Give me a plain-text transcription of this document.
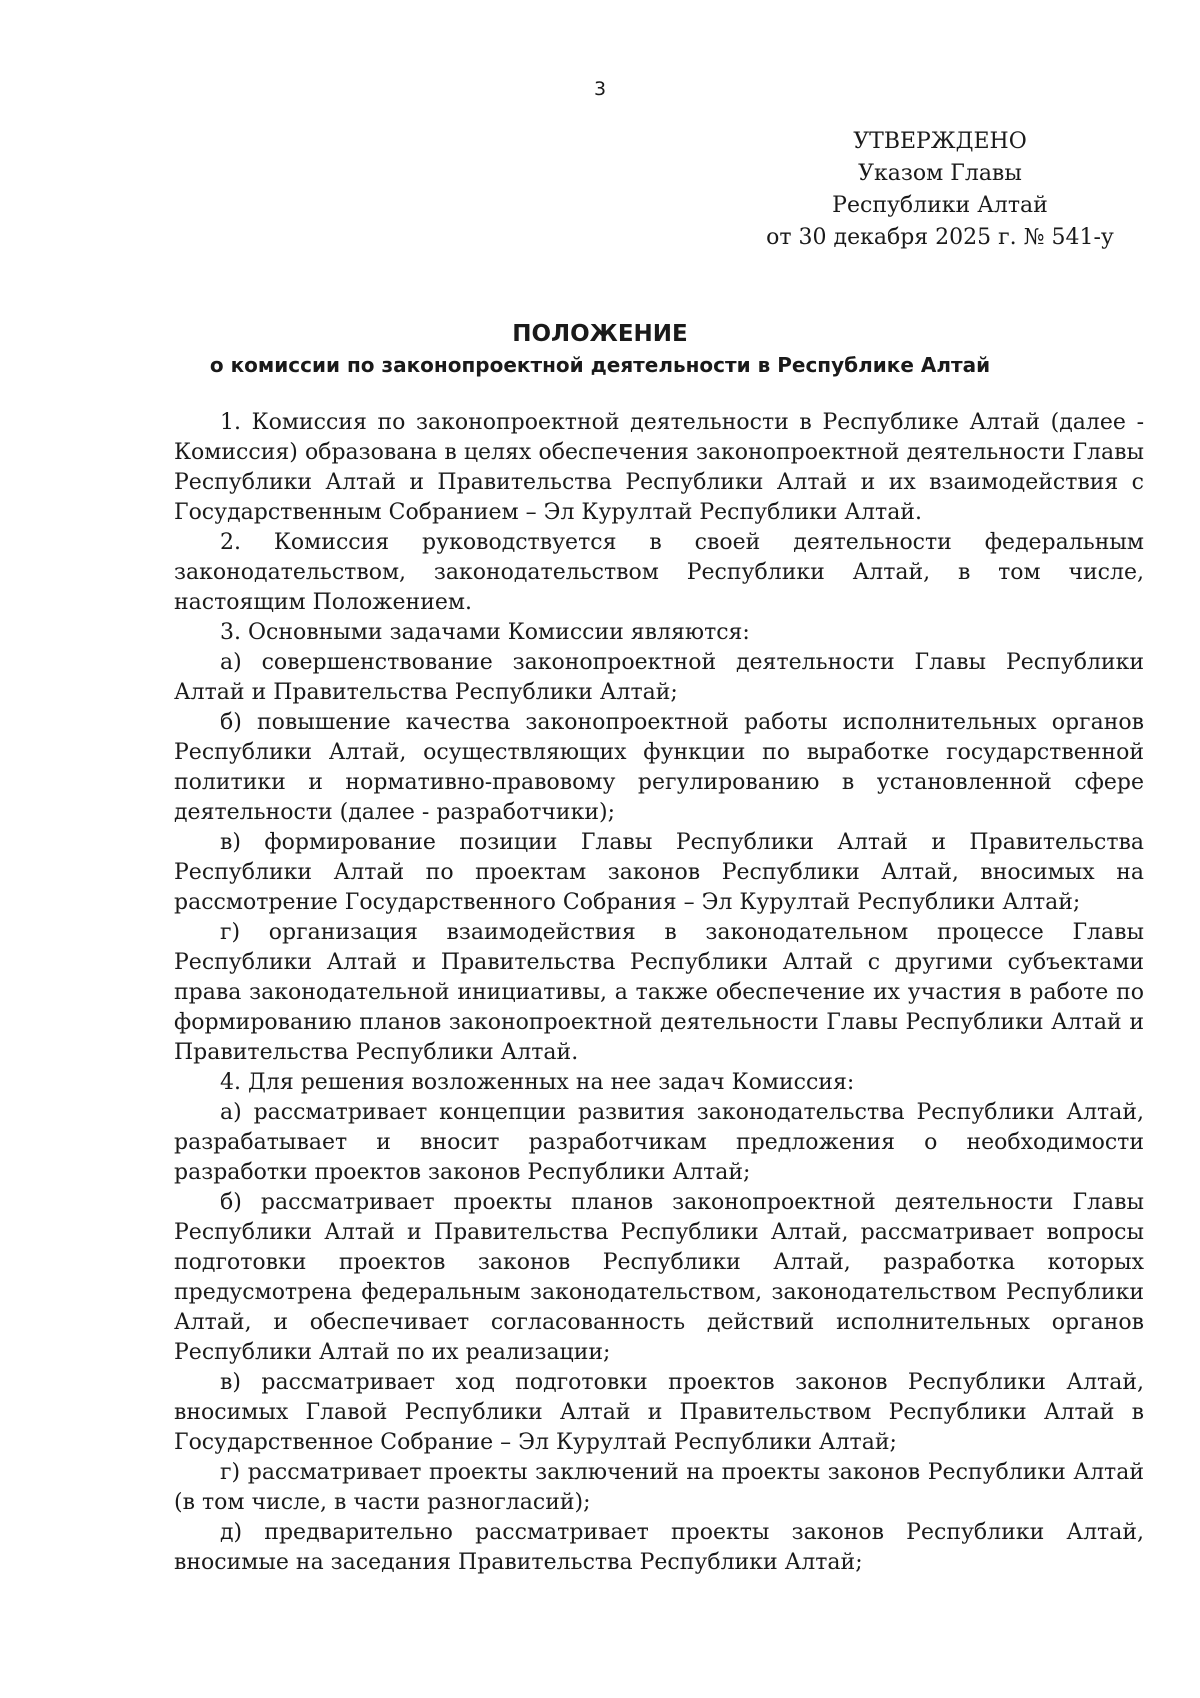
3
УТВЕРЖДЕНО
Указом Главы
Республики Алтай
от 30 декабря 2025 г. № 541-у
ПОЛОЖЕНИЕ
о комиссии по законопроектной деятельности в Республике Алтай

1. Комиссия по законопроектной деятельности в Республике Алтай (далее - Комиссия) образована в целях обеспечения законопроектной деятельности Главы Республики Алтай и Правительства Республики Алтай и их взаимодействия с Государственным Собранием – Эл Курултай Республики Алтай.

2. Комиссия руководствуется в своей деятельности федеральным законодательством, законодательством Республики Алтай, в том числе, настоящим Положением.

3. Основными задачами Комиссии являются:

а) совершенствование законопроектной деятельности Главы Республики Алтай и Правительства Республики Алтай;

б) повышение качества законопроектной работы исполнительных органов Республики Алтай, осуществляющих функции по выработке государственной политики и нормативно-правовому регулированию в установленной сфере деятельности (далее - разработчики);

в) формирование позиции Главы Республики Алтай и Правительства Республики Алтай по проектам законов Республики Алтай, вносимых на рассмотрение Государственного Собрания – Эл Курултай Республики Алтай;

г) организация взаимодействия в законодательном процессе Главы Республики Алтай и Правительства Республики Алтай с другими субъектами права законодательной инициативы, а также обеспечение их участия в работе по формированию планов законопроектной деятельности Главы Республики Алтай и Правительства Республики Алтай.

4. Для решения возложенных на нее задач Комиссия:

а) рассматривает концепции развития законодательства Республики Алтай, разрабатывает и вносит разработчикам предложения о необходимости разработки проектов законов Республики Алтай;

б) рассматривает проекты планов законопроектной деятельности Главы Республики Алтай и Правительства Республики Алтай, рассматривает вопросы подготовки проектов законов Республики Алтай, разработка которых предусмотрена федеральным законодательством, законодательством Республики Алтай, и обеспечивает согласованность действий исполнительных органов Республики Алтай по их реализации;

в) рассматривает ход подготовки проектов законов Республики Алтай, вносимых Главой Республики Алтай и Правительством Республики Алтай в Государственное Собрание – Эл Курултай Республики Алтай;

г) рассматривает проекты заключений на проекты законов Республики Алтай (в том числе, в части разногласий);

д) предварительно рассматривает проекты законов Республики Алтай, вносимые на заседания Правительства Республики Алтай;
